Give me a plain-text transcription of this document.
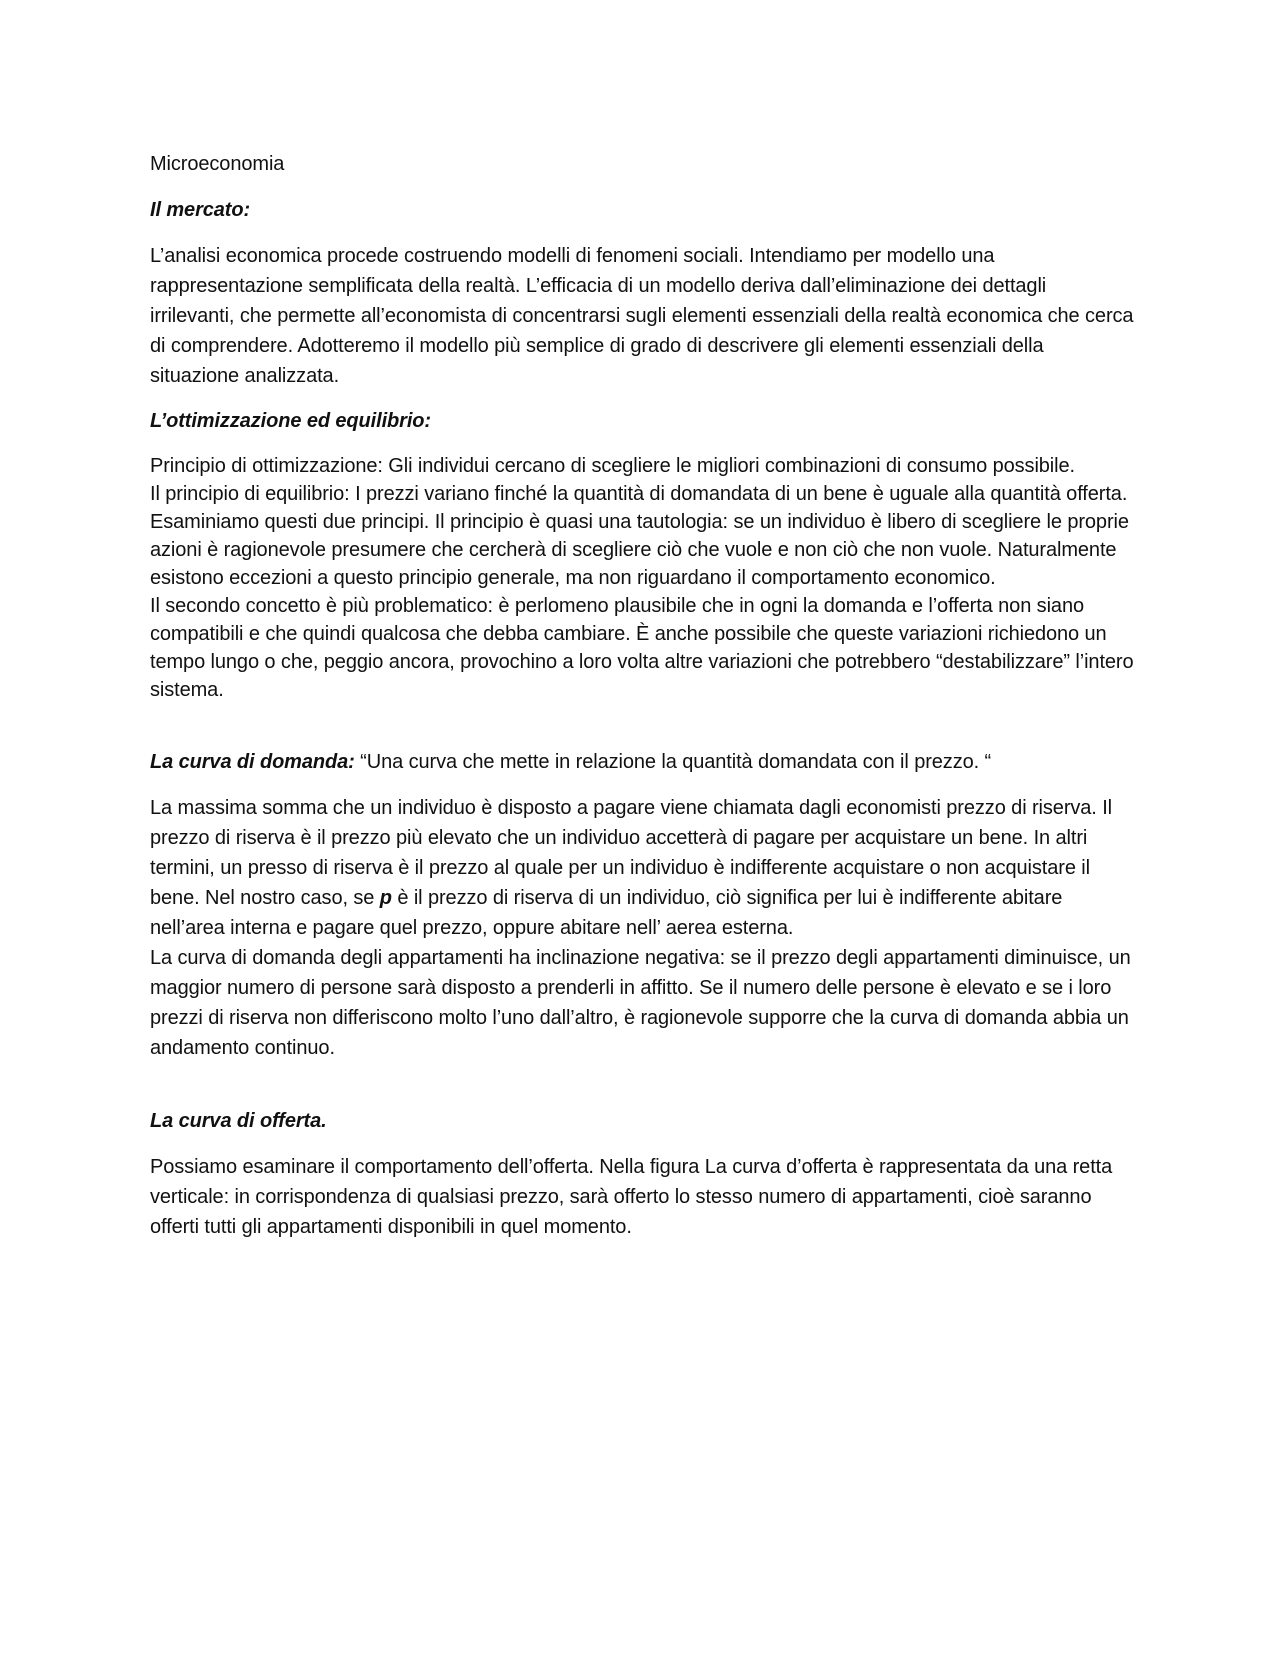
Microeconomia

Il mercato:

L’analisi economica procede costruendo modelli di fenomeni sociali. Intendiamo per modello una rappresentazione semplificata della realtà. L’efficacia di un modello deriva dall’eliminazione dei dettagli irrilevanti, che permette all’economista di concentrarsi sugli elementi essenziali della realtà economica che cerca di comprendere. Adotteremo il modello più semplice di grado di descrivere gli elementi essenziali della situazione analizzata.

L’ottimizzazione ed equilibrio:

Principio di ottimizzazione: Gli individui cercano di scegliere le migliori combinazioni di consumo possibile.

Il principio di equilibrio: I prezzi variano finché la quantità di domandata di un bene è uguale alla quantità offerta.

Esaminiamo questi due principi. Il principio è quasi una tautologia: se un individuo è libero di scegliere le proprie azioni è ragionevole presumere che cercherà di scegliere ciò che vuole e non ciò che non vuole. Naturalmente esistono eccezioni a questo principio generale, ma non riguardano il comportamento economico.

Il secondo concetto è più problematico: è perlomeno plausibile che in ogni la domanda e l’offerta non siano compatibili e che quindi qualcosa che debba cambiare. È anche possibile che queste variazioni richiedono un tempo lungo o che, peggio ancora, provochino a loro volta altre variazioni che potrebbero “destabilizzare” l’intero sistema.

La curva di domanda: “Una curva che mette in relazione la quantità domandata con il prezzo. “

La massima somma che un individuo è disposto a pagare viene chiamata dagli economisti prezzo di riserva. Il prezzo di riserva è il prezzo più elevato che un individuo accetterà di pagare per acquistare un bene. In altri termini, un presso di riserva è il prezzo al quale per un individuo è indifferente acquistare o non acquistare il bene. Nel nostro caso, se p è il prezzo di riserva di un individuo, ciò significa per lui è indifferente abitare nell’area interna e pagare quel prezzo, oppure abitare nell’ aerea esterna.

La curva di domanda degli appartamenti ha inclinazione negativa: se il prezzo degli appartamenti diminuisce, un maggior numero di persone sarà disposto a prenderli in affitto. Se il numero delle persone è elevato e se i loro prezzi di riserva non differiscono molto l’uno dall’altro, è ragionevole supporre che la curva di domanda abbia un andamento continuo.

La curva di offerta.

Possiamo esaminare il comportamento dell’offerta. Nella figura La curva d’offerta è rappresentata da una retta verticale: in corrispondenza di qualsiasi prezzo, sarà offerto lo stesso numero di appartamenti, cioè saranno offerti tutti gli appartamenti disponibili in quel momento.
